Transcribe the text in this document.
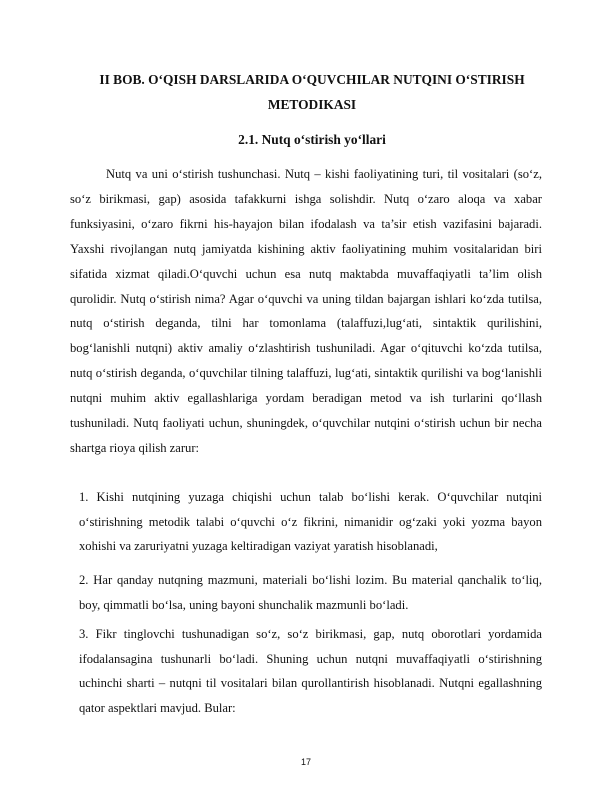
II BOB. O‘QISH DARSLARIDA O‘QUVCHILAR NUTQINI O‘STIRISH METODIKASI
2.1. Nutq o‘stirish yo‘llari

Nutq va uni o‘stirish tushunchasi. Nutq – kishi faoliyatining turi, til vositalari (so‘z, so‘z birikmasi, gap) asosida tafakkurni ishga solishdir. Nutq o‘zaro aloqa va xabar funksiyasini, o‘zaro fikrni his-hayajon bilan ifodalash va ta’sir etish vazifasini bajaradi. Yaxshi rivojlangan nutq jamiyatda kishining aktiv faoliyatining muhim vositalaridan biri sifatida xizmat qiladi.O‘quvchi uchun esa nutq maktabda muvaffaqiyatli ta’lim olish qurolidir. Nutq o‘stirish nima? Agar o‘quvchi va uning tildan bajargan ishlari ko‘zda tutilsa, nutq o‘stirish deganda, tilni har tomonlama (talaffuzi,lug‘ati, sintaktik qurilishini, bog‘lanishli nutqni) aktiv amaliy o‘zlashtirish tushuniladi. Agar o‘qituvchi ko‘zda tutilsa, nutq o‘stirish deganda, o‘quvchilar tilning talaffuzi, lug‘ati, sintaktik qurilishi va bog‘lanishli nutqni muhim aktiv egallashlariga yordam beradigan metod va ish turlarini qo‘llash tushuniladi. Nutq faoliyati uchun, shuningdek, o‘quvchilar nutqini o‘stirish uchun bir necha shartga rioya qilish zarur:

1. Kishi nutqining yuzaga chiqishi uchun talab bo‘lishi kerak. O‘quvchilar nutqini o‘stirishning metodik talabi o‘quvchi o‘z fikrini, nimanidir og‘zaki yoki yozma bayon xohishi va zaruriyatni yuzaga keltiradigan vaziyat yaratish hisoblanadi,

2. Har qanday nutqning mazmuni, materiali bo‘lishi lozim. Bu material qanchalik to‘liq, boy, qimmatli bo‘lsa, uning bayoni shunchalik mazmunli bo‘ladi.

3. Fikr tinglovchi tushunadigan so‘z, so‘z birikmasi, gap, nutq oborotlari yordamida ifodalansagina tushunarli bo‘ladi. Shuning uchun nutqni muvaffaqiyatli o‘stirishning uchinchi sharti – nutqni til vositalari bilan qurollantirish hisoblanadi. Nutqni egallashning qator aspektlari mavjud. Bular:

17
